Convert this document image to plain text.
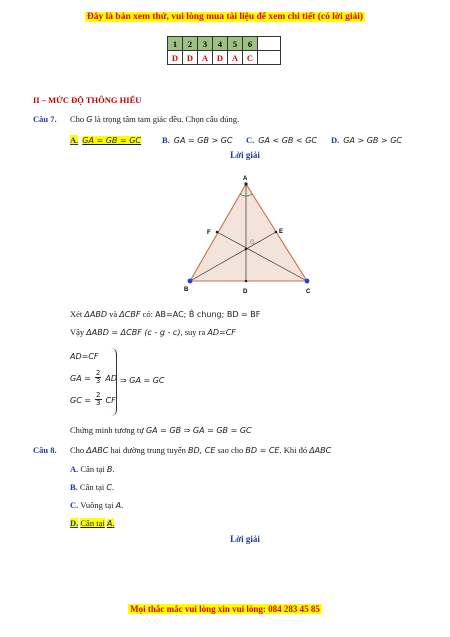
Đây là bản xem thử, vui lòng mua tài liệu để xem chi tiết (có lời giải)
1	2	3	4	5	6	
D	D	A	D	A	C	
II – MỨC ĐỘ THÔNG HIỂU
Câu 7. Cho G là trọng tâm tam giác đều. Chọn câu đúng.
A. GA = GB = GC B. GA = GB > GC C. GA < GB < GC D. GA > GB > GC
Lời giải
A
B	C
D
E
F
G
Xét ΔABD và ΔCBF có: AB=AC; B̂ chung; BD = BF
Vậy ΔABD = ΔCBF (c - g - c), suy ra AD=CF
AD=CF
GA = $\frac{2}{3}$ AD
GC = $\frac{2}{3}$ CF
⇒ GA = GC
Chứng minh tương tự GA = GB ⇒ GA = GB = GC
Câu 8. Cho ΔABC hai đường trung tuyến BD, CE sao cho BD = CE. Khi đó ΔABC
A. Cân tại B.
B. Cân tại C.
C. Vuông tại A.
D. Cân tại A.
Lời giải
Mọi thắc mắc vui lòng xin vui lòng: 084 283 45 85
